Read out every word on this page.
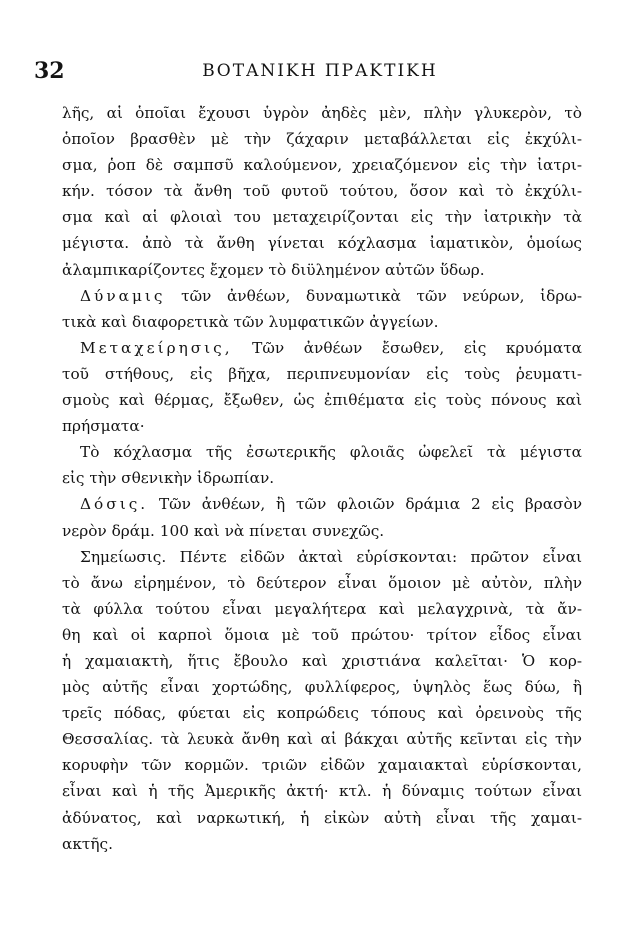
32	ΒΟΤΑΝΙΚΗ ΠΡΑΚΤΙΚΗ
λῆς, αἱ ὁποῖαι ἔχουσι ὑγρὸν ἀηδὲς μὲν, πλὴν γλυκερὸν, τὸ
ὁποῖον βρασθὲν μὲ τὴν ζάχαριν μεταβάλλεται εἰς ἐκχύλι-
σμα, ῥοπ δὲ σαμπσῦ καλούμενον, χρειαζόμενον εἰς τὴν ἰατρι-
κήν. τόσον τὰ ἄνθη τοῦ φυτοῦ τούτου, ὅσον καὶ τὸ ἐκχύλι-
σμα καὶ αἱ φλοιαὶ του μεταχειρίζονται εἰς τὴν ἰατρικὴν τὰ
μέγιστα. ἀπὸ τὰ ἄνθη γίνεται κόχλασμα ἰαματικὸν, ὁμοίως
ἀλαμπικαρίζοντες ἔχομεν τὸ διϋλημένον αὐτῶν ὕδωρ.
Δύναμις τῶν ἀνθέων, δυναμωτικὰ τῶν νεύρων, ἱδρω-
τικὰ καὶ διαφορετικὰ τῶν λυμφατικῶν ἀγγείων.
Μεταχείρησις, Τῶν ἀνθέων ἔσωθεν, εἰς κρυόματα
τοῦ στήθους, εἰς βῆχα, περιπνευμονίαν εἰς τοὺς ῥευματι-
σμοὺς καὶ θέρμας, ἔξωθεν, ὡς ἐπιθέματα εἰς τοὺς πόνους καὶ
πρήσματα·
Τὸ κόχλασμα τῆς ἐσωτερικῆς φλοιᾶς ὠφελεῖ τὰ μέγιστα
εἰς τὴν σθενικὴν ἱδρωπίαν.
Δόσις. Τῶν ἀνθέων, ἢ τῶν φλοιῶν δράμια 2 εἰς βρασὸν
νερὸν δράμ. 100 καὶ νὰ πίνεται συνεχῶς.
Σημείωσις. Πέντε εἰδῶν ἀκταὶ εὑρίσκονται: πρῶτον εἶναι
τὸ ἄνω εἰρημένον, τὸ δεύτερον εἶναι ὅμοιον μὲ αὐτὸν, πλὴν
τὰ φύλλα τούτου εἶναι μεγαλήτερα καὶ μελαγχρινὰ, τὰ ἄν-
θη καὶ οἱ καρποὶ ὅμοια μὲ τοῦ πρώτου· τρίτον εἶδος εἶναι
ἡ χαμαιακτὴ, ἥτις ἔβουλο καὶ χριστιάνα καλεῖται· Ὁ κορ-
μὸς αὐτῆς εἶναι χορτώδης, φυλλίφερος, ὑψηλὸς ἕως δύω, ἢ
τρεῖς πόδας, φύεται εἰς κοπρώδεις τόπους καὶ ὀρεινοὺς τῆς
Θεσσαλίας. τὰ λευκὰ ἄνθη καὶ αἱ βάκχαι αὐτῆς κεῖνται εἰς τὴν
κορυφὴν τῶν κορμῶν. τριῶν εἰδῶν χαμαιακταὶ εὑρίσκονται,
εἶναι καὶ ἡ τῆς Ἀμερικῆς ἀκτή· κτλ. ἡ δύναμις τούτων εἶναι
ἀδύνατος, καὶ ναρκωτική, ἡ εἰκὼν αὐτὴ εἶναι τῆς χαμαι-
ακτῆς.
